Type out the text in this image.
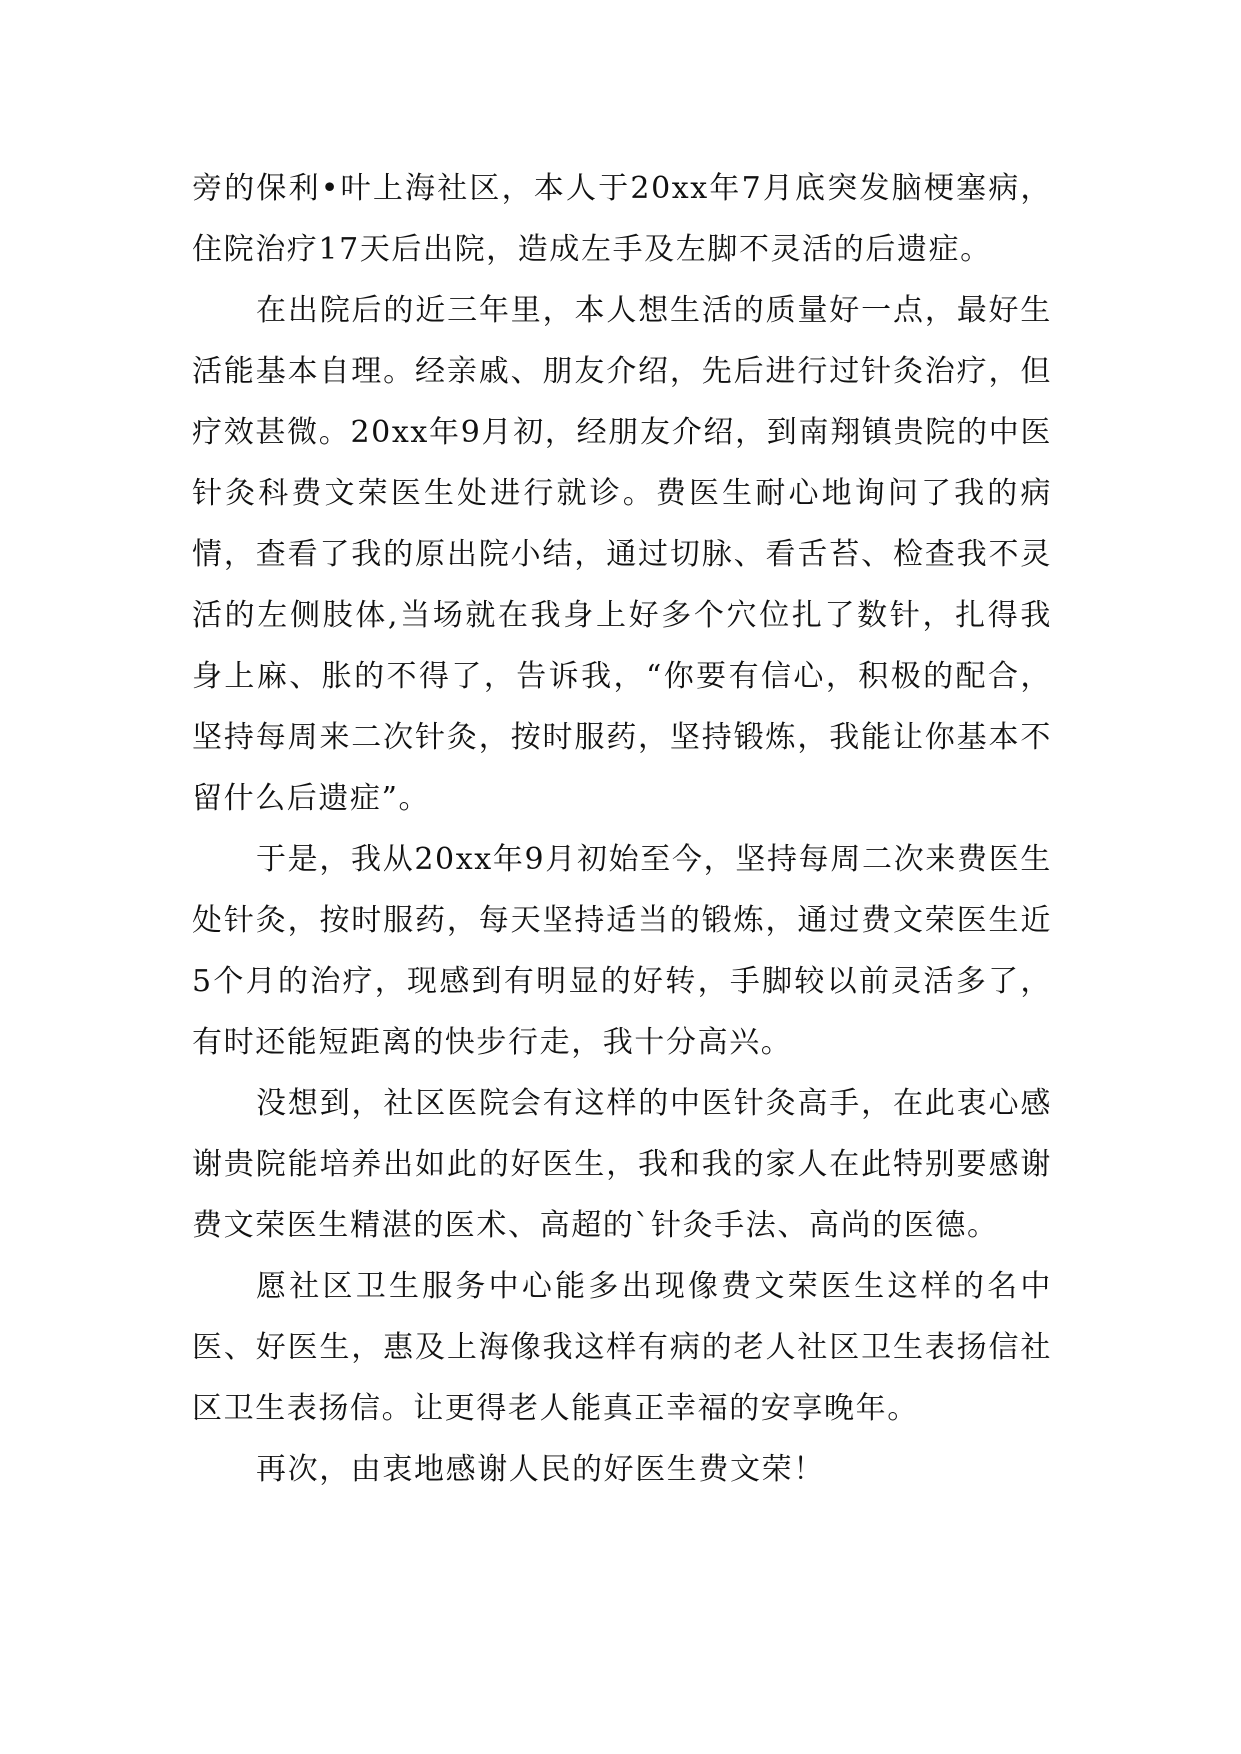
旁的保利•叶上海社区，本人于20xx年7月底突发脑梗塞病，住院治疗17天后出院，造成左手及左脚不灵活的后遗症。

在出院后的近三年里，本人想生活的质量好一点，最好生活能基本自理。经亲戚、朋友介绍，先后进行过针灸治疗，但疗效甚微。20xx年9月初，经朋友介绍，到南翔镇贵院的中医针灸科费文荣医生处进行就诊。费医生耐心地询问了我的病情，查看了我的原出院小结，通过切脉、看舌苔、检查我不灵活的左侧肢体,当场就在我身上好多个穴位扎了数针，扎得我身上麻、胀的不得了，告诉我，“你要有信心，积极的配合，坚持每周来二次针灸，按时服药，坚持锻炼，我能让你基本不留什么后遗症”。

于是，我从20xx年9月初始至今，坚持每周二次来费医生处针灸，按时服药，每天坚持适当的锻炼，通过费文荣医生近5个月的治疗，现感到有明显的好转，手脚较以前灵活多了，有时还能短距离的快步行走，我十分高兴。

没想到，社区医院会有这样的中医针灸高手，在此衷心感谢贵院能培养出如此的好医生，我和我的家人在此特别要感谢费文荣医生精湛的医术、高超的`针灸手法、高尚的医德。

愿社区卫生服务中心能多出现像费文荣医生这样的名中医、好医生，惠及上海像我这样有病的老人社区卫生表扬信社区卫生表扬信。让更得老人能真正幸福的安享晚年。

再次，由衷地感谢人民的好医生费文荣！
